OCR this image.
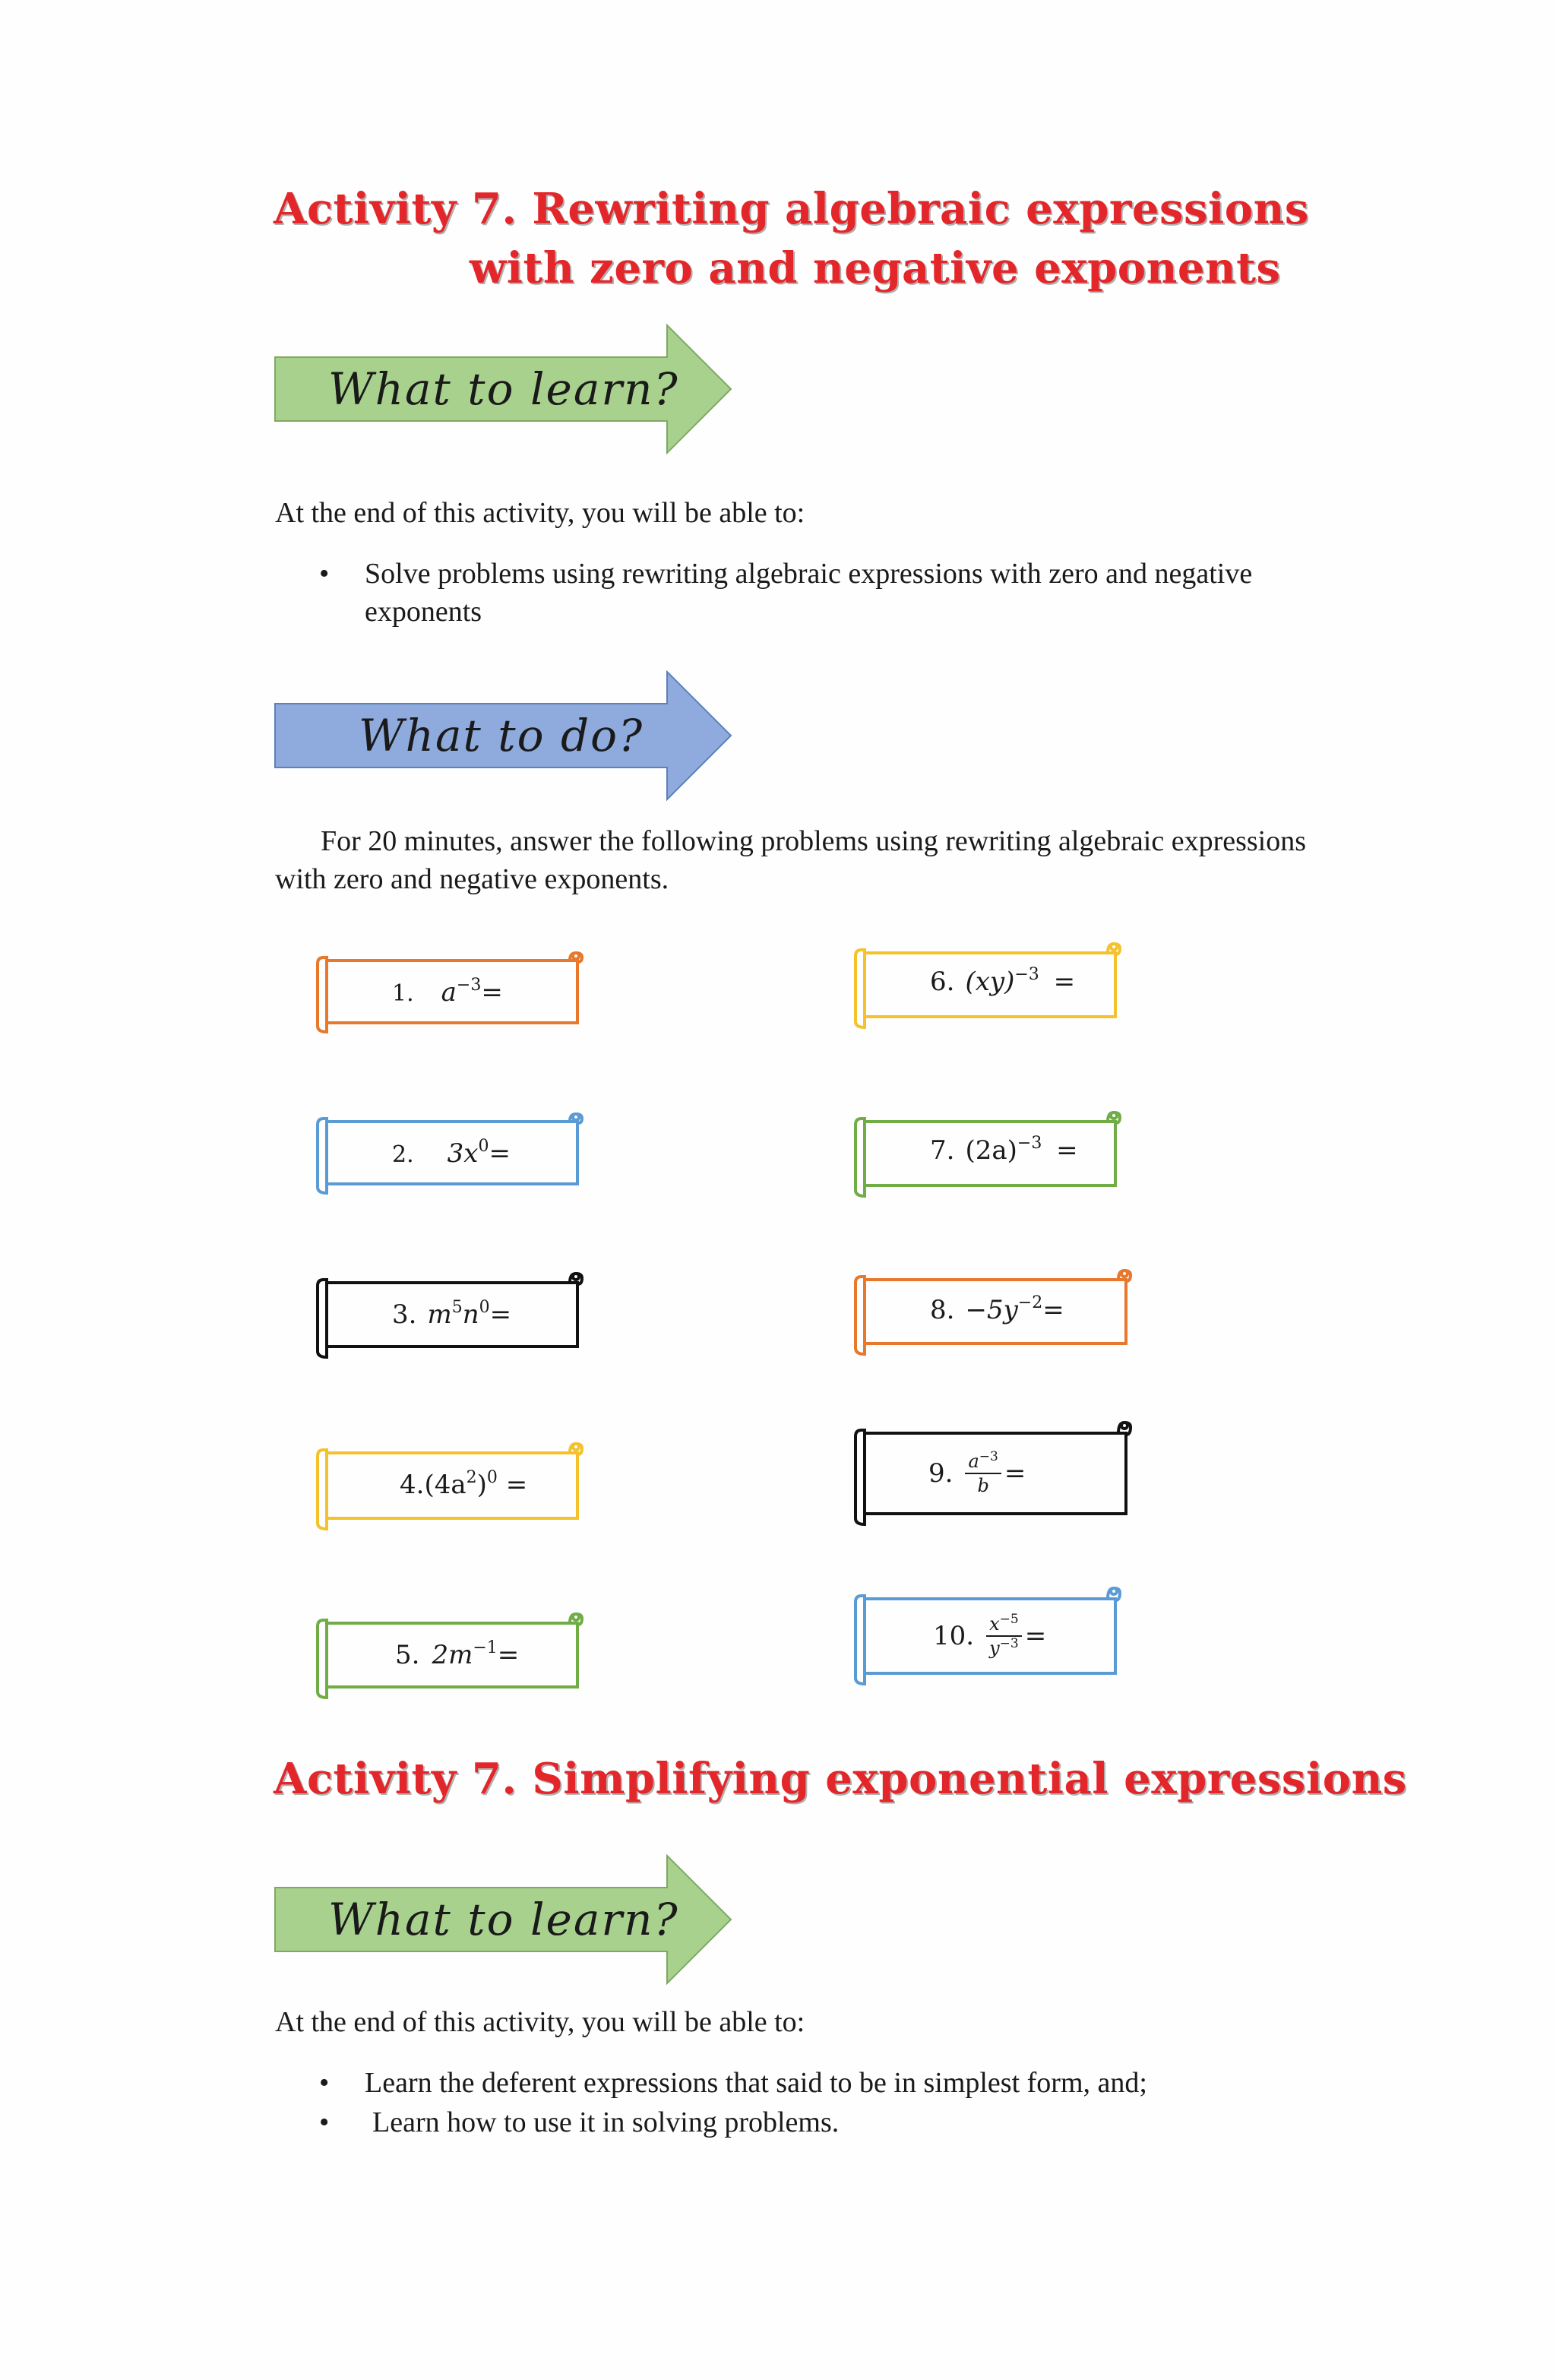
Activity 7. Rewriting algebraic expressions
with zero and negative exponents
What to learn?

At the end of this activity, you will be able to:

•	Solve problems using rewriting algebraic expressions with zero and negative exponents
What to do?

For 20 minutes, answer the following problems using rewriting algebraic expressions with zero and negative exponents.

1. $a^{-3}=$
2. $3x^0=$
3. $m^5n^0=$
$4.(4a^2)^0$ =
5. $2m^{-1}=$
6. (xy)$^{-3}$ =
7. $(2a)^{-3}$ =
8. $-5y^{-2}=$
9. $\frac{a^{-3}}{b}$ =
10. $\frac{x^{-5}}{y^{-3}}$ =
Activity 7. Simplifying exponential expressions
What to learn?

At the end of this activity, you will be able to:

•	Learn the deferent expressions that said to be in simplest form, and;
•	Learn how to use it in solving problems.
